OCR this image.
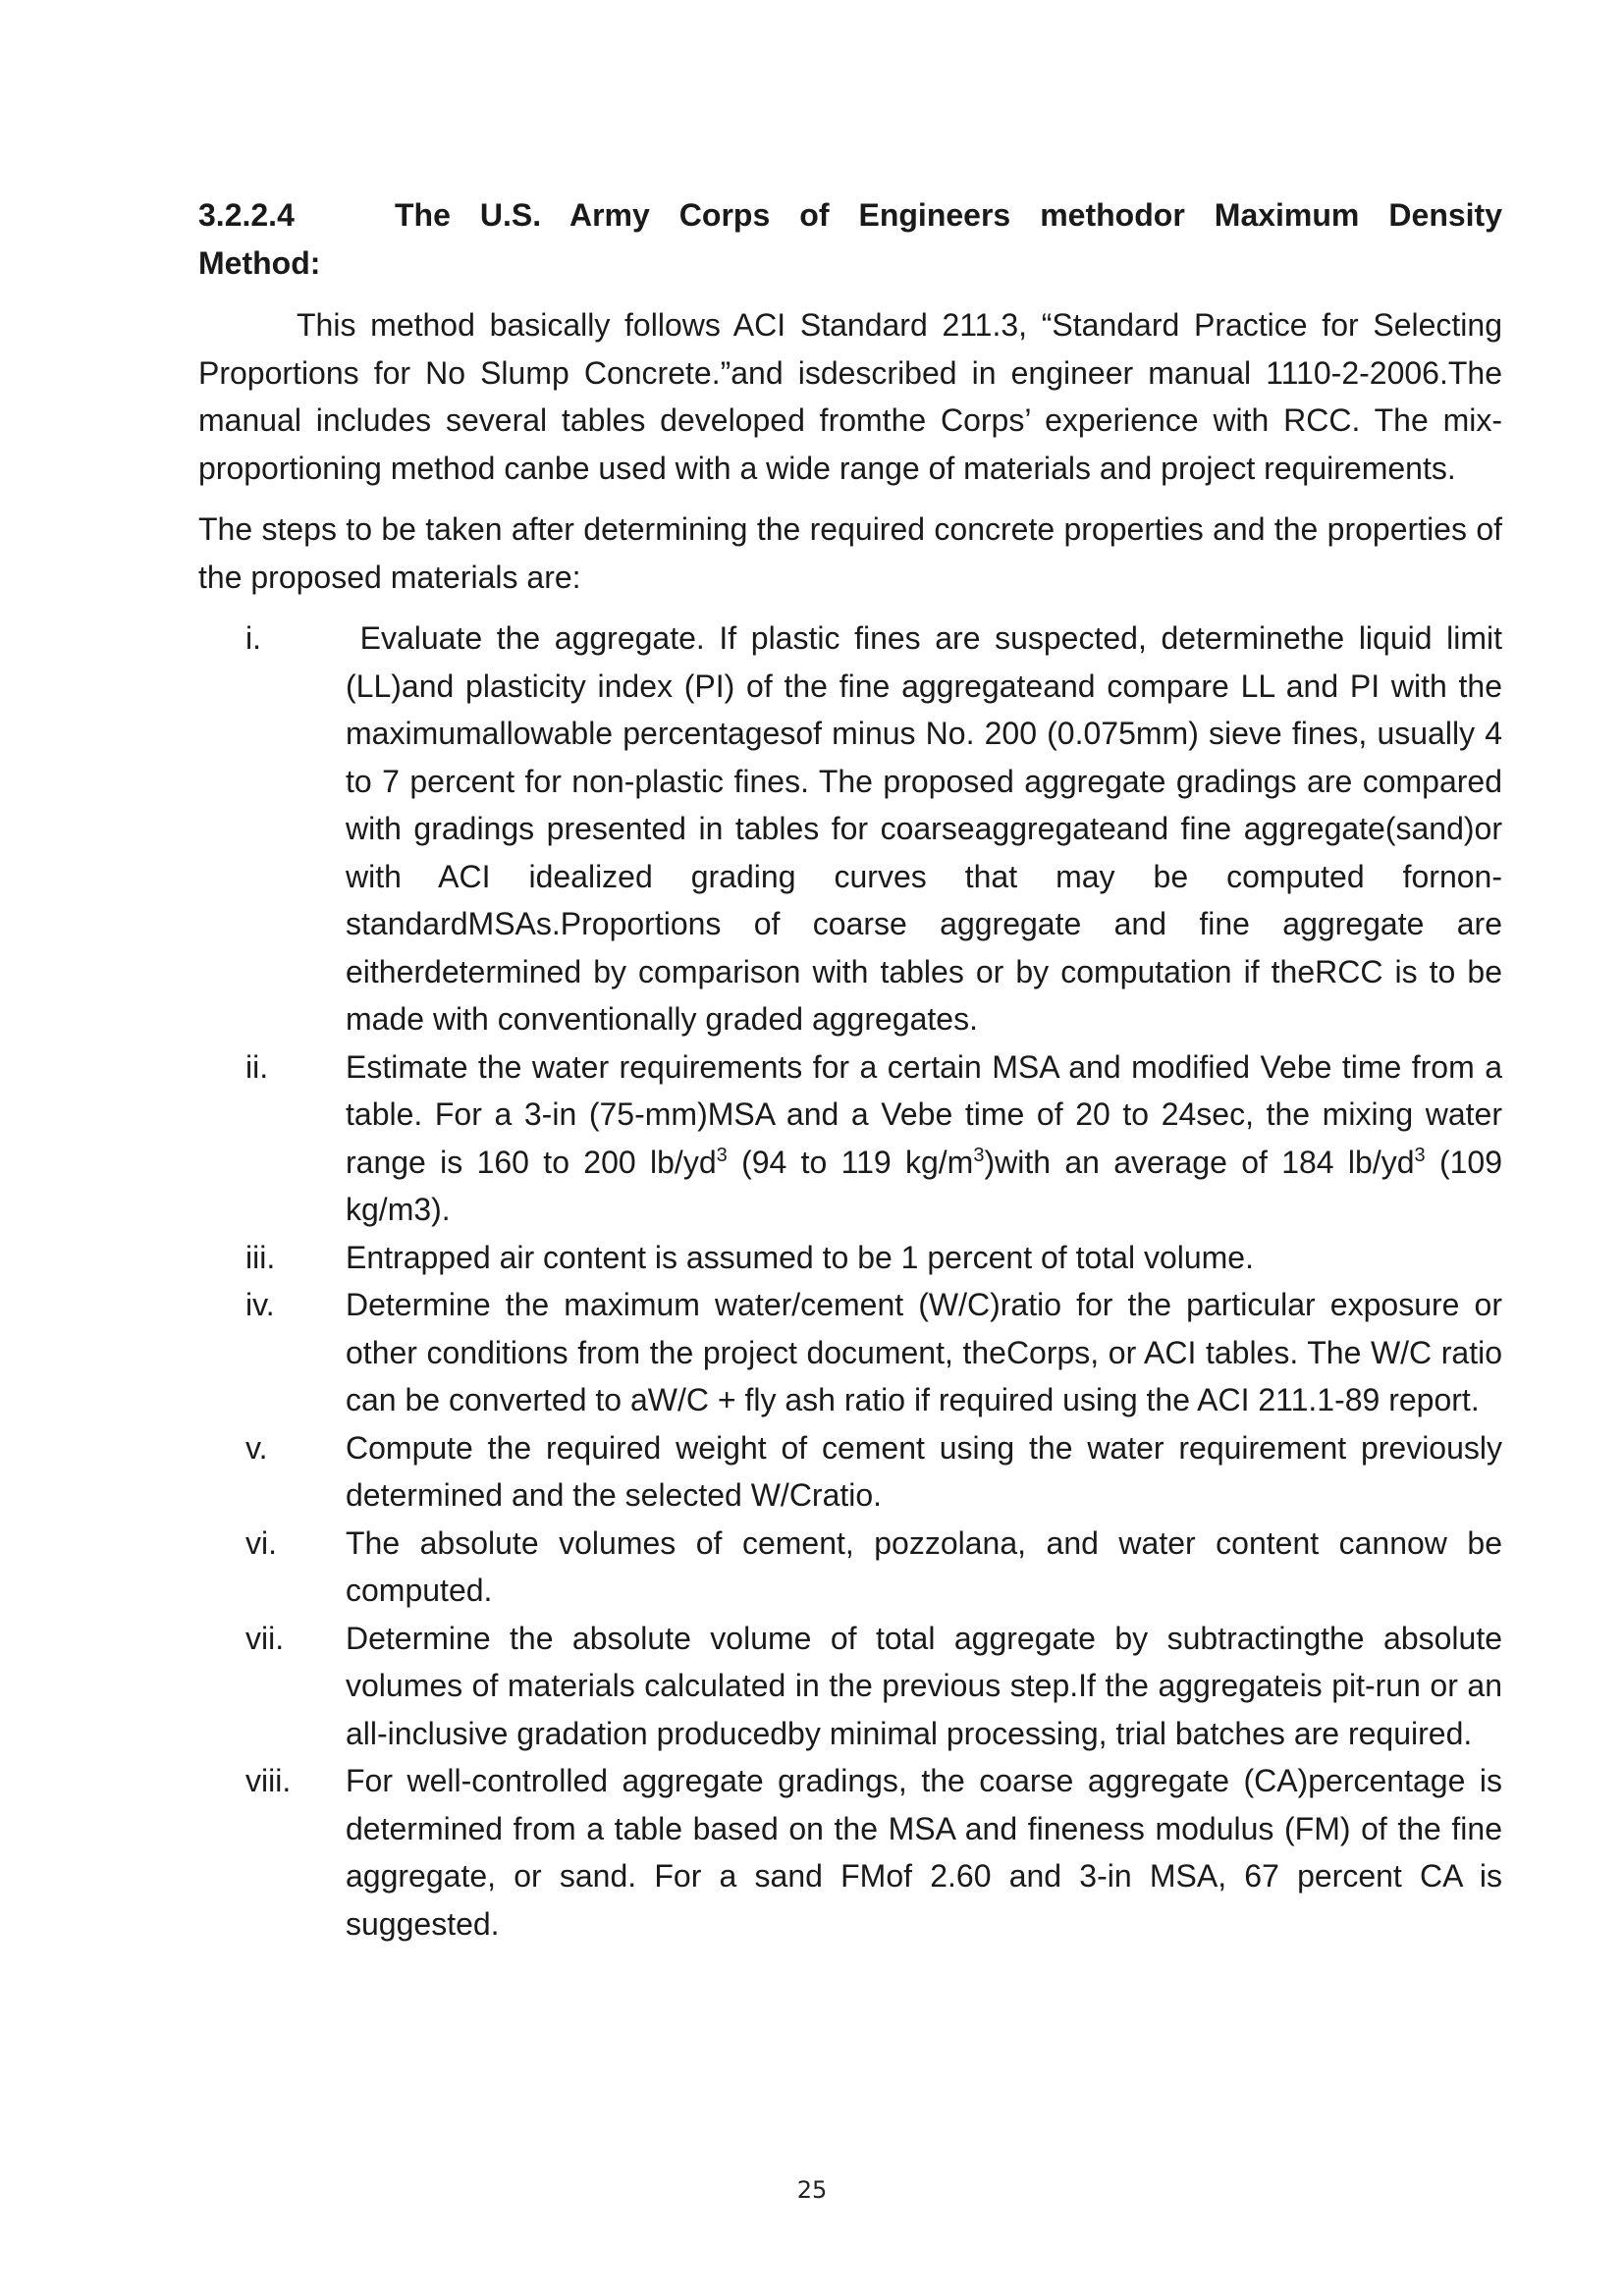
3.2.2.4	The U.S. Army Corps of Engineers methodor Maximum Density
Method:

This method basically follows ACI Standard 211.3, “Standard Practice for Selecting Proportions for No Slump Concrete.”and isdescribed in engineer manual 1110-2-2006.The manual includes several tables developed fromthe Corps’ experience with RCC. The mix-proportioning method canbe used with a wide range of materials and project requirements.

The steps to be taken after determining the required concrete properties and the properties of the proposed materials are:

i.	Evaluate the aggregate. If plastic fines are suspected, determinethe liquid limit (LL)and plasticity index (PI) of the fine aggregateand compare LL and PI with the maximumallowable percentagesof minus No. 200 (0.075mm) sieve fines, usually 4 to 7 percent for non-plastic fines. The proposed aggregate gradings are compared with gradings presented in tables for coarseaggregateand fine aggregate(sand)or with ACI idealized grading curves that may be computed fornon-standardMSAs.Proportions of coarse aggregate and fine aggregate are eitherdetermined by comparison with tables or by computation if theRCC is to be made with conventionally graded aggregates.
ii.	Estimate the water requirements for a certain MSA and modified Vebe time from a table. For a 3-in (75-mm)MSA and a Vebe time of 20 to 24sec, the mixing water range is 160 to 200 $lb/yd^3$ (94 to 119 $kg/m^3)with$ an average of 184 $lb/yd^3$ (109 kg/m3).
iii.	Entrapped air content is assumed to be 1 percent of total volume.
iv.	Determine the maximum water/cement (W/C)ratio for the particular exposure or other conditions from the project document, theCorps, or ACI tables. The W/C ratio can be converted to aW/C + fly ash ratio if required using the ACI 211.1-89 report.
v.	Compute the required weight of cement using the water requirement previously determined and the selected W/Cratio.
vi.	The absolute volumes of cement, pozzolana, and water content cannow be computed.
vii.	Determine the absolute volume of total aggregate by subtractingthe absolute volumes of materials calculated in the previous step.If the aggregateis pit-run or an all-inclusive gradation producedby minimal processing, trial batches are required.
viii.	For well-controlled aggregate gradings, the coarse aggregate (CA)percentage is determined from a table based on the MSA and fineness modulus (FM) of the fine aggregate, or sand. For a sand FMof 2.60 and 3-in MSA, 67 percent CA is suggested.
25
